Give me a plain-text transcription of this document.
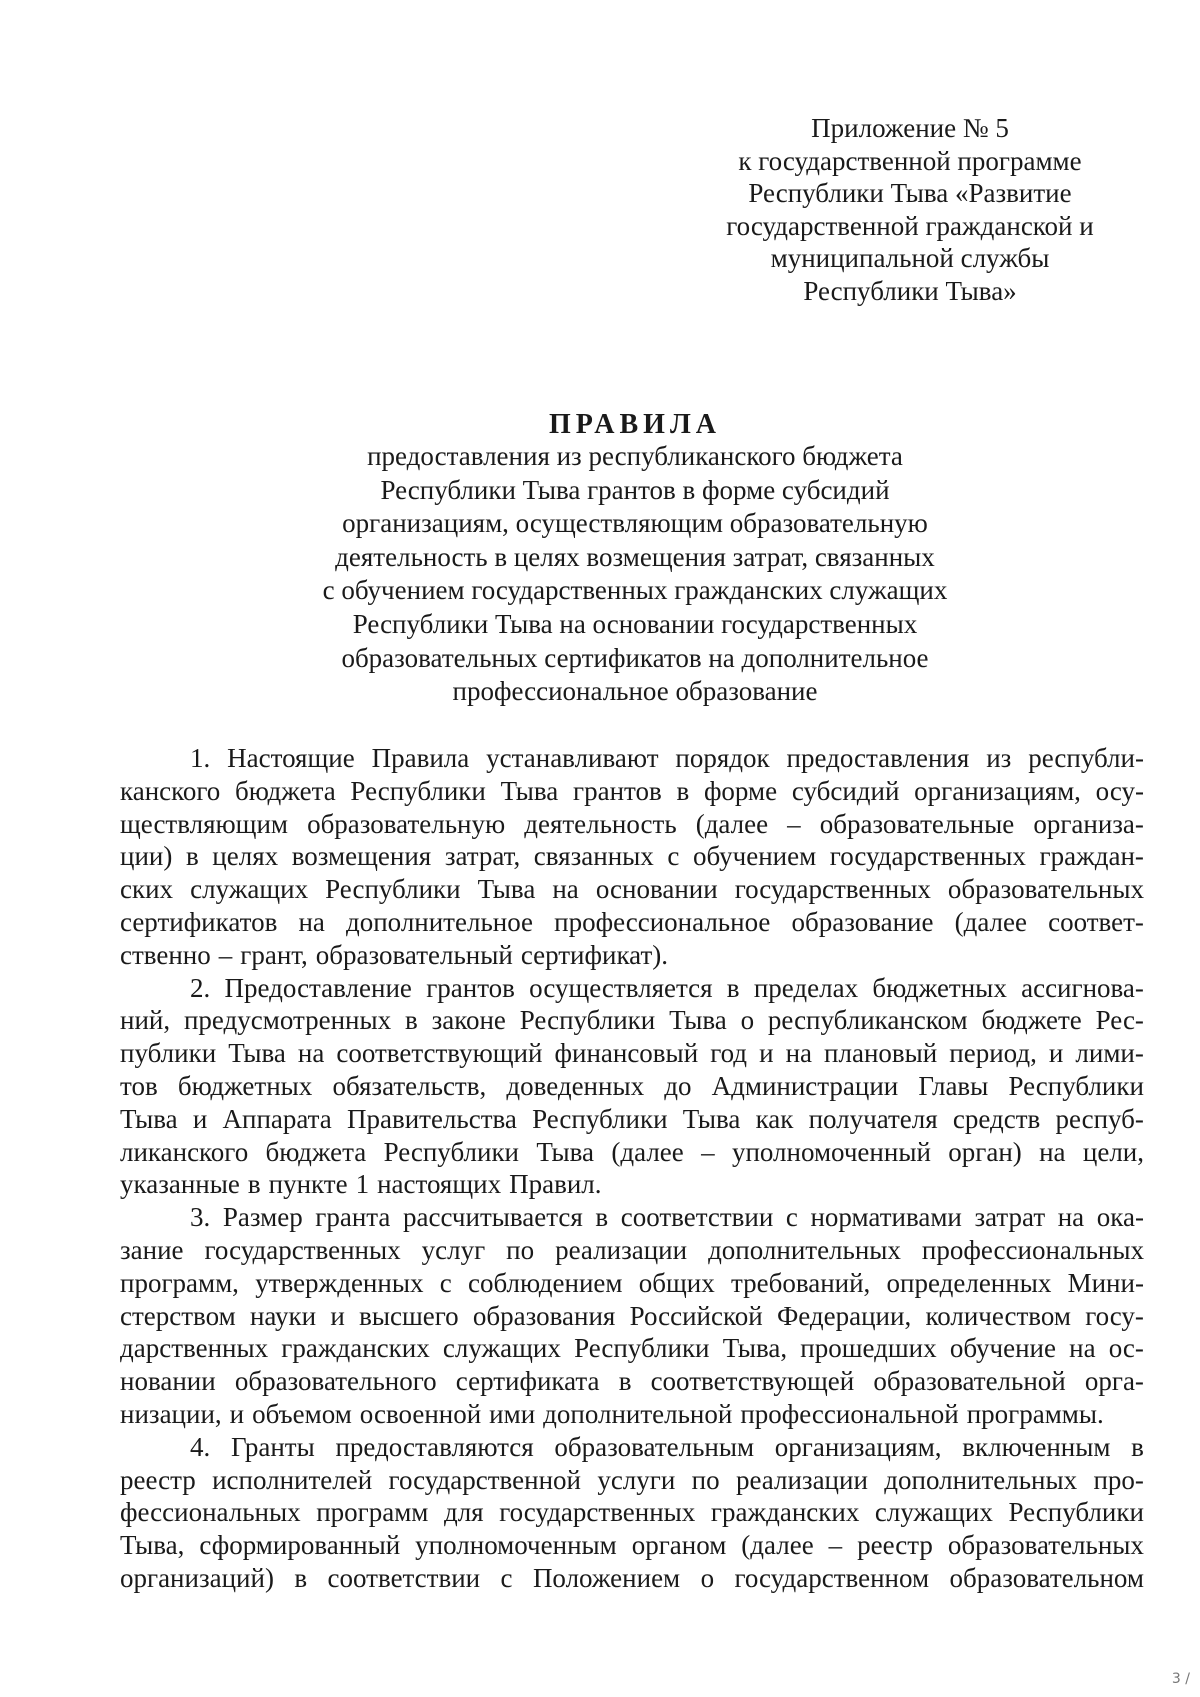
Приложение № 5
к государственной программе
Республики Тыва «Развитие
государственной гражданской и
муниципальной службы
Республики Тыва»
ПРАВИЛА
предоставления из республиканского бюджета
Республики Тыва грантов в форме субсидий
организациям, осуществляющим образовательную
деятельность в целях возмещения затрат, связанных
с обучением государственных гражданских служащих
Республики Тыва на основании государственных
образовательных сертификатов на дополнительное
профессиональное образование
1. Настоящие Правила устанавливают порядок предоставления из республи-
канского бюджета Республики Тыва грантов в форме субсидий организациям, осу-
ществляющим образовательную деятельность (далее – образовательные организа-
ции) в целях возмещения затрат, связанных с обучением государственных граждан-
ских служащих Республики Тыва на основании государственных образовательных
сертификатов на дополнительное профессиональное образование (далее соответ-
ственно – грант, образовательный сертификат).
2. Предоставление грантов осуществляется в пределах бюджетных ассигнова-
ний, предусмотренных в законе Республики Тыва о республиканском бюджете Рес-
публики Тыва на соответствующий финансовый год и на плановый период, и лими-
тов бюджетных обязательств, доведенных до Администрации Главы Республики
Тыва и Аппарата Правительства Республики Тыва как получателя средств респуб-
ликанского бюджета Республики Тыва (далее – уполномоченный орган) на цели,
указанные в пункте 1 настоящих Правил.
3. Размер гранта рассчитывается в соответствии с нормативами затрат на ока-
зание государственных услуг по реализации дополнительных профессиональных
программ, утвержденных с соблюдением общих требований, определенных Мини-
стерством науки и высшего образования Российской Федерации, количеством госу-
дарственных гражданских служащих Республики Тыва, прошедших обучение на ос-
новании образовательного сертификата в соответствующей образовательной орга-
низации, и объемом освоенной ими дополнительной профессиональной программы.
4. Гранты предоставляются образовательным организациям, включенным в
реестр исполнителей государственной услуги по реализации дополнительных про-
фессиональных программ для государственных гражданских служащих Республики
Тыва, сформированный уполномоченным органом (далее – реестр образовательных
организаций) в соответствии с Положением о государственном образовательном
3 /
